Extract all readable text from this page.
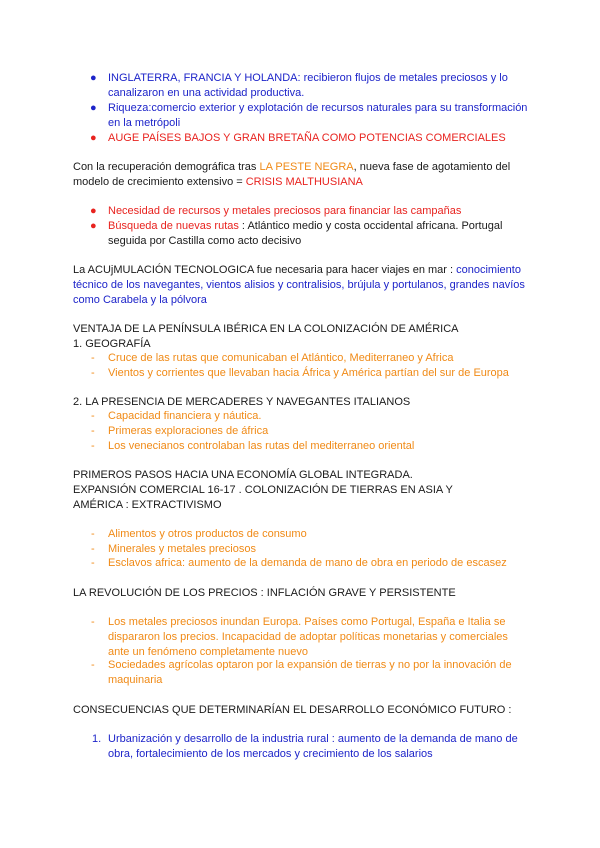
● INGLATERRA, FRANCIA Y HOLANDA: recibieron flujos de metales preciosos y lo canalizaron en una actividad productiva.
● Riqueza:comercio exterior y explotación de recursos naturales para su transformación en la metrópoli
● AUGE PAÍSES BAJOS Y GRAN BRETAÑA COMO POTENCIAS COMERCIALES

Con la recuperación demográfica tras LA PESTE NEGRA, nueva fase de agotamiento del modelo de crecimiento extensivo = CRISIS MALTHUSIANA

● Necesidad de recursos y metales preciosos para financiar las campañas
● Búsqueda de nuevas rutas : Atlántico medio y costa occidental africana. Portugal seguida por Castilla como acto decisivo

La ACUjMULACIÓN TECNOLOGICA fue necesaria para hacer viajes en mar : conocimiento técnico de los navegantes, vientos alisios y contralisios, brújula y portulanos, grandes navíos como Carabela y la pólvora

VENTAJA DE LA PENÍNSULA IBÉRICA EN LA COLONIZACIÓN DE AMÉRICA

1. GEOGRAFÍA

- Cruce de las rutas que comunicaban el Atlántico, Mediterraneo y Africa
- Vientos y corrientes que llevaban hacia África y América partían del sur de Europa

2. LA PRESENCIA DE MERCADERES Y NAVEGANTES ITALIANOS

- Capacidad financiera y náutica.
- Primeras exploraciones de áfrica
- Los venecianos controlaban las rutas del mediterraneo oriental

PRIMEROS PASOS HACIA UNA ECONOMÍA GLOBAL INTEGRADA. EXPANSIÓN COMERCIAL 16-17 . COLONIZACIÓN DE TIERRAS EN ASIA Y AMÉRICA : EXTRACTIVISMO

- Alimentos y otros productos de consumo
- Minerales y metales preciosos
- Esclavos africa: aumento de la demanda de mano de obra en periodo de escasez

LA REVOLUCIÓN DE LOS PRECIOS : INFLACIÓN GRAVE Y PERSISTENTE

- Los metales preciosos inundan Europa. Países como Portugal, España e Italia se dispararon los precios. Incapacidad de adoptar políticas monetarias y comerciales ante un fenómeno completamente nuevo
- Sociedades agrícolas optaron por la expansión de tierras y no por la innovación de maquinaria

CONSECUENCIAS QUE DETERMINARÍAN EL DESARROLLO ECONÓMICO FUTURO :

1. Urbanización y desarrollo de la industria rural : aumento de la demanda de mano de obra, fortalecimiento de los mercados y crecimiento de los salarios
